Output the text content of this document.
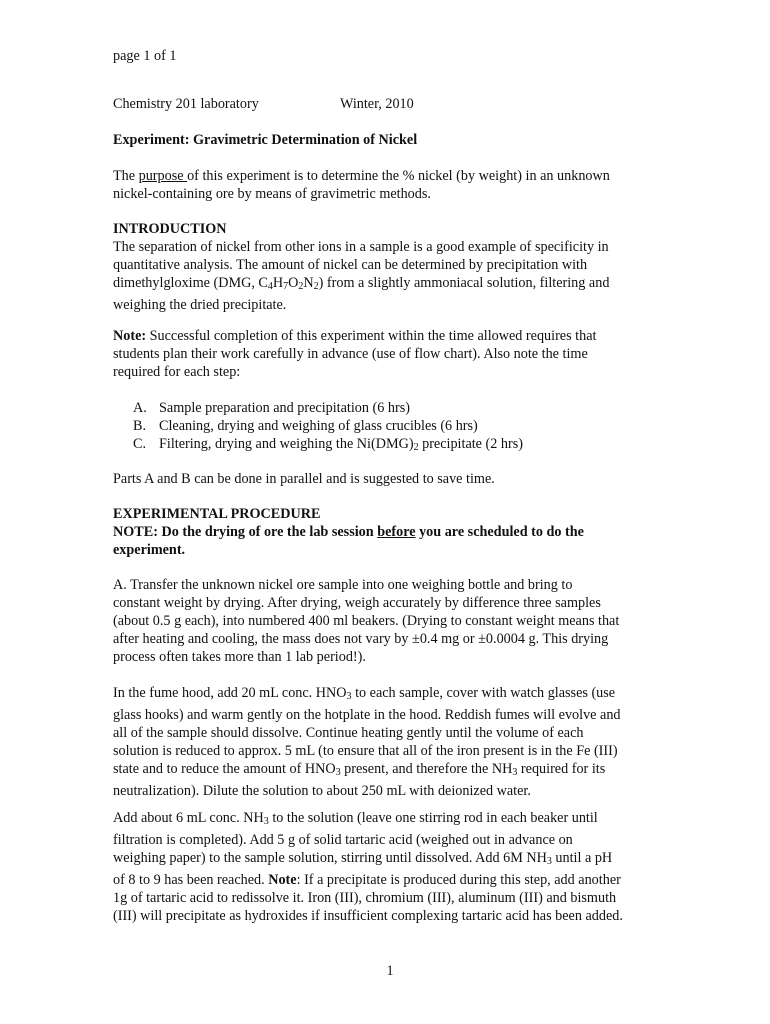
page 1 of 1

Chemistry 201 laboratory	Winter, 2010

Experiment: Gravimetric Determination of Nickel

The purpose of this experiment is to determine the % nickel (by weight) in an unknown
nickel-containing ore by means of gravimetric methods.

INTRODUCTION
The separation of nickel from other ions in a sample is a good example of specificity in
quantitative analysis. The amount of nickel can be determined by precipitation with
dimethylgloxime (DMG, $C_4H_7O_2N_2$) from a slightly ammoniacal solution, filtering and
weighing the dried precipitate.

Note: Successful completion of this experiment within the time allowed requires that
students plan their work carefully in advance (use of flow chart). Also note the time
required for each step:

A. Sample preparation and precipitation (6 hrs)
B. Cleaning, drying and weighing of glass crucibles (6 hrs)
C. Filtering, drying and weighing the $Ni(DMG)_2$ precipitate (2 hrs)

Parts A and B can be done in parallel and is suggested to save time.

EXPERIMENTAL PROCEDURE
NOTE: Do the drying of ore the lab session before you are scheduled to do the
experiment.

A. Transfer the unknown nickel ore sample into one weighing bottle and bring to
constant weight by drying. After drying, weigh accurately by difference three samples
(about 0.5 g each), into numbered 400 ml beakers. (Drying to constant weight means that
after heating and cooling, the mass does not vary by ±0.4 mg or ±0.0004 g. This drying
process often takes more than 1 lab period!).

In the fume hood, add 20 mL conc. $HNO_3$ to each sample, cover with watch glasses (use
glass hooks) and warm gently on the hotplate in the hood. Reddish fumes will evolve and
all of the sample should dissolve. Continue heating gently until the volume of each
solution is reduced to approx. 5 mL (to ensure that all of the iron present is in the Fe (III)
state and to reduce the amount of $HNO_3$ present, and therefore the $NH_3$ required for its
neutralization). Dilute the solution to about 250 mL with deionized water.

Add about 6 mL conc. $NH_3$ to the solution (leave one stirring rod in each beaker until
filtration is completed). Add 5 g of solid tartaric acid (weighed out in advance on
weighing paper) to the sample solution, stirring until dissolved. Add 6M $NH_3$ until a pH
of 8 to 9 has been reached. Note: If a precipitate is produced during this step, add another
1g of tartaric acid to redissolve it. Iron (III), chromium (III), aluminum (III) and bismuth
(III) will precipitate as hydroxides if insufficient complexing tartaric acid has been added.

1
